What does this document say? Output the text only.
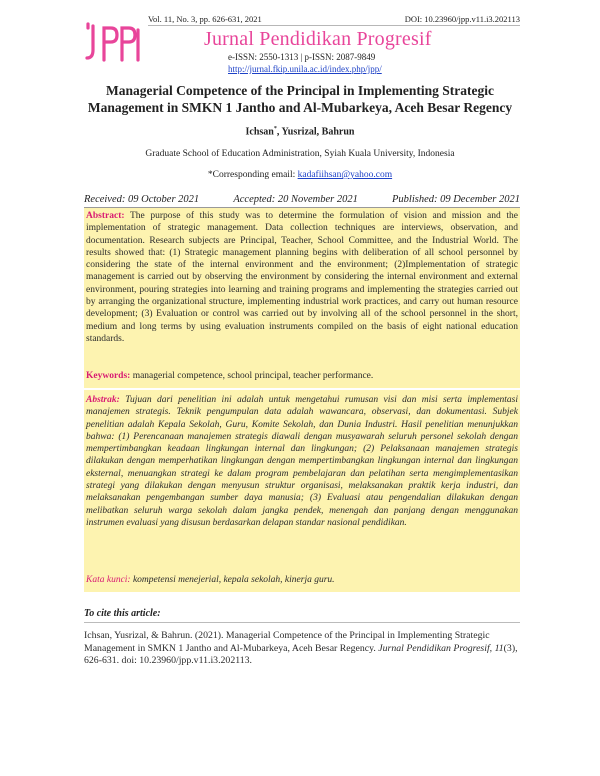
Vol. 11, No. 3, pp. 626-631, 2021	DOI: 10.23960/jpp.v11.i3.202113
JPP
Jurnal Pendidikan Progresif
e-ISSN: 2550-1313 | p-ISSN: 2087-9849
http://jurnal.fkip.unila.ac.id/index.php/jpp/
Managerial Competence of the Principal in Implementing Strategic
Management in SMKN 1 Jantho and Al-Mubarkeya, Aceh Besar Regency
Ichsan*, Yusrizal, Bahrun
Graduate School of Education Administration, Syiah Kuala University, Indonesia
*Corresponding email: kadafiihsan@yahoo.com
Received: 09 October 2021	Accepted: 20 November 2021	Published: 09 December 2021
Abstract: The purpose of this study was to determine the formulation of vision and mission and the implementation of strategic management. Data collection techniques are interviews, observation, and documentation. Research subjects are Principal, Teacher, School Committee, and the Industrial World. The results showed that: (1) Strategic management planning begins with deliberation of all school personnel by considering the state of the internal environment and the environment; (2)Implementation of strategic management is carried out by observing the environment by considering the internal environment and external environment, pouring strategies into learning and training programs and implementing the strategies carried out by arranging the organizational structure, implementing industrial work practices, and carry out human resource development; (3) Evaluation or control was carried out by involving all of the school personnel in the short, medium and long terms by using evaluation instruments compiled on the basis of eight national education standards.
Keywords: managerial competence, school principal, teacher performance.
Abstrak: Tujuan dari penelitian ini adalah untuk mengetahui rumusan visi dan misi serta implementasi manajemen strategis. Teknik pengumpulan data adalah wawancara, observasi, dan dokumentasi. Subjek penelitian adalah Kepala Sekolah, Guru, Komite Sekolah, dan Dunia Industri. Hasil penelitian menunjukkan bahwa: (1) Perencanaan manajemen strategis diawali dengan musyawarah seluruh personel sekolah dengan mempertimbangkan keadaan lingkungan internal dan lingkungan; (2) Pelaksanaan manajemen strategis dilakukan dengan memperhatikan lingkungan dengan mempertimbangkan lingkungan internal dan lingkungan eksternal, menuangkan strategi ke dalam program pembelajaran dan pelatihan serta mengimplementasikan strategi yang dilakukan dengan menyusun struktur organisasi, melaksanakan praktik kerja industri, dan melaksanakan pengembangan sumber daya manusia; (3) Evaluasi atau pengendalian dilakukan dengan melibatkan seluruh warga sekolah dalam jangka pendek, menengah dan panjang dengan menggunakan instrumen evaluasi yang disusun berdasarkan delapan standar nasional pendidikan.
Kata kunci: kompetensi menejerial, kepala sekolah, kinerja guru.
To cite this article:
Ichsan, Yusrizal, & Bahrun. (2021). Managerial Competence of the Principal in Implementing Strategic Management in SMKN 1 Jantho and Al-Mubarkeya, Aceh Besar Regency. Jurnal Pendidikan Progresif, 11(3), 626-631. doi: 10.23960/jpp.v11.i3.202113.
